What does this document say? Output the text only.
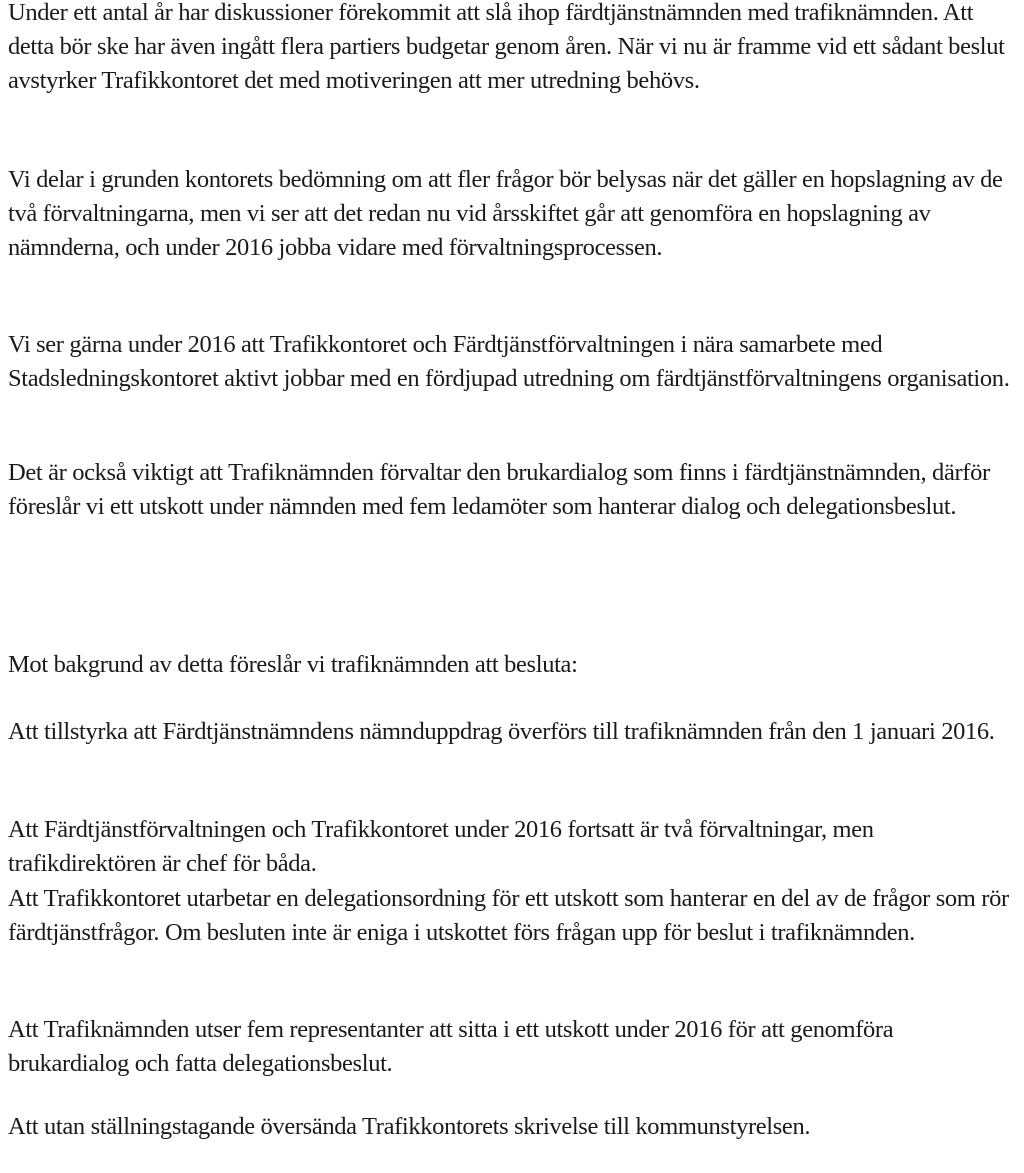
Under ett antal år har diskussioner förekommit att slå ihop färdtjänstnämnden med trafiknämnden. Att detta bör ske har även ingått flera partiers budgetar genom åren. När vi nu är framme vid ett sådant beslut avstyrker Trafikkontoret det med motiveringen att mer utredning behövs.

Vi delar i grunden kontorets bedömning om att fler frågor bör belysas när det gäller en hopslagning av de två förvaltningarna, men vi ser att det redan nu vid årsskiftet går att genomföra en hopslagning av nämnderna, och under 2016 jobba vidare med förvaltningsprocessen.

Vi ser gärna under 2016 att Trafikkontoret och Färdtjänstförvaltningen i nära samarbete med Stadsledningskontoret aktivt jobbar med en fördjupad utredning om färdtjänstförvaltningens organisation.

Det är också viktigt att Trafiknämnden förvaltar den brukardialog som finns i färdtjänstnämnden, därför föreslår vi ett utskott under nämnden med fem ledamöter som hanterar dialog och delegationsbeslut.

Mot bakgrund av detta föreslår vi trafiknämnden att besluta:

Att tillstyrka att Färdtjänstnämndens nämnduppdrag överförs till trafiknämnden från den 1 januari 2016.

Att Färdtjänstförvaltningen och Trafikkontoret under 2016 fortsatt är två förvaltningar, men trafikdirektören är chef för båda.

Att Trafikkontoret utarbetar en delegationsordning för ett utskott som hanterar en del av de frågor som rör färdtjänstfrågor. Om besluten inte är eniga i utskottet förs frågan upp för beslut i trafiknämnden.

Att Trafiknämnden utser fem representanter att sitta i ett utskott under 2016 för att genomföra brukardialog och fatta delegationsbeslut.

Att utan ställningstagande översända Trafikkontorets skrivelse till kommunstyrelsen.
